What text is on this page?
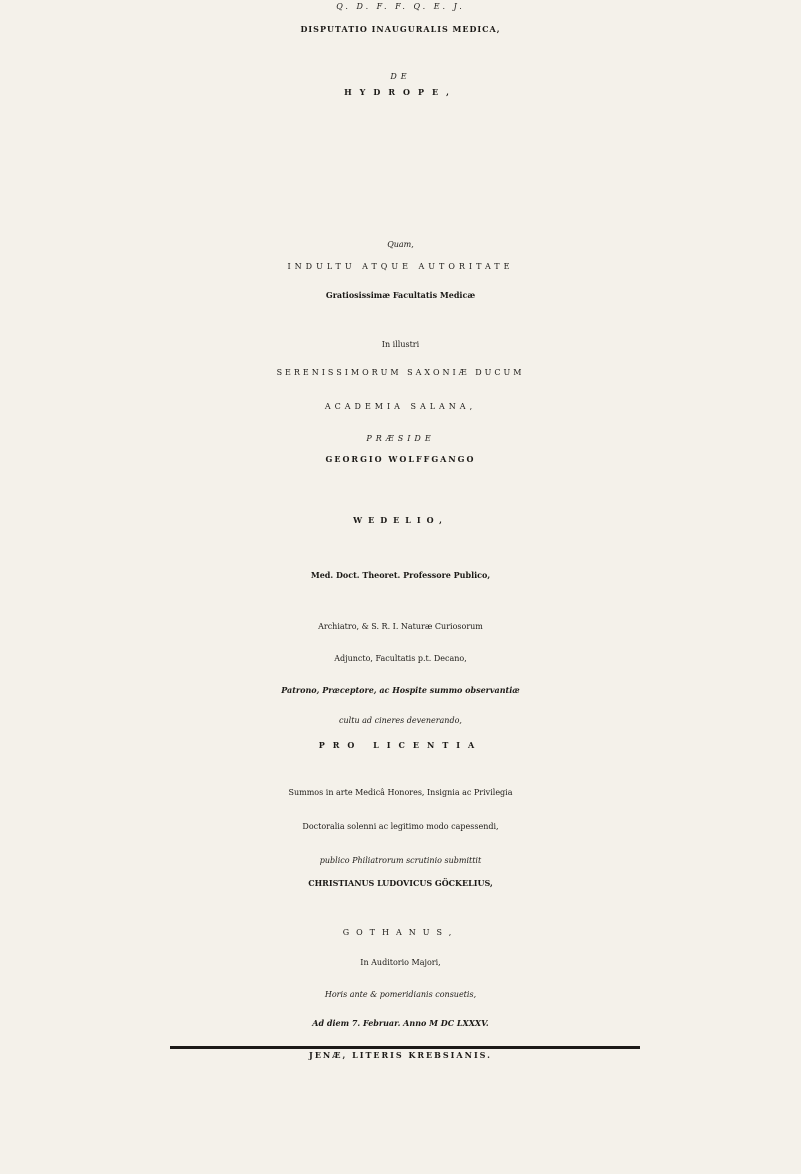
Q. D. F. F. Q. E. J.
DISPUTATIO INAUGURALIS MEDICA,
DE
HYDROPE,
Quam,
INDULTU ATQUE AUTORITATE
Gratiosissimæ Facultatis Medicæ
In illustri
SERENISSIMORUM SAXONIÆ DUCUM
ACADEMIA SALANA,
PRÆSIDE
GEORGIO WOLFFGANGO
WEDELIO,
Med. Doct. Theoret. Professore Publico,
Archiatro, & S. R. I. Naturæ Curiosorum
Adjuncto, Facultatis p.t. Decano,
Patrono, Præceptore, ac Hospite summo observantiæ
cultu ad cineres devenerando,
PRO LICENTIA
Summos in arte Medicâ Honores, Insignia ac Privilegia
Doctoralia solenni ac legitimo modo capessendi,
publico Philiatrorum scrutinio submittit
CHRISTIANUS LUDOVICUS GÖCKELIUS,
GOTHANUS,
In Auditorio Majori,
Horis ante & pomeridianis consuetis,
Ad diem 7. Februar. Anno M DC LXXXV.
JENÆ, LITERIS KREBSIANIS.
